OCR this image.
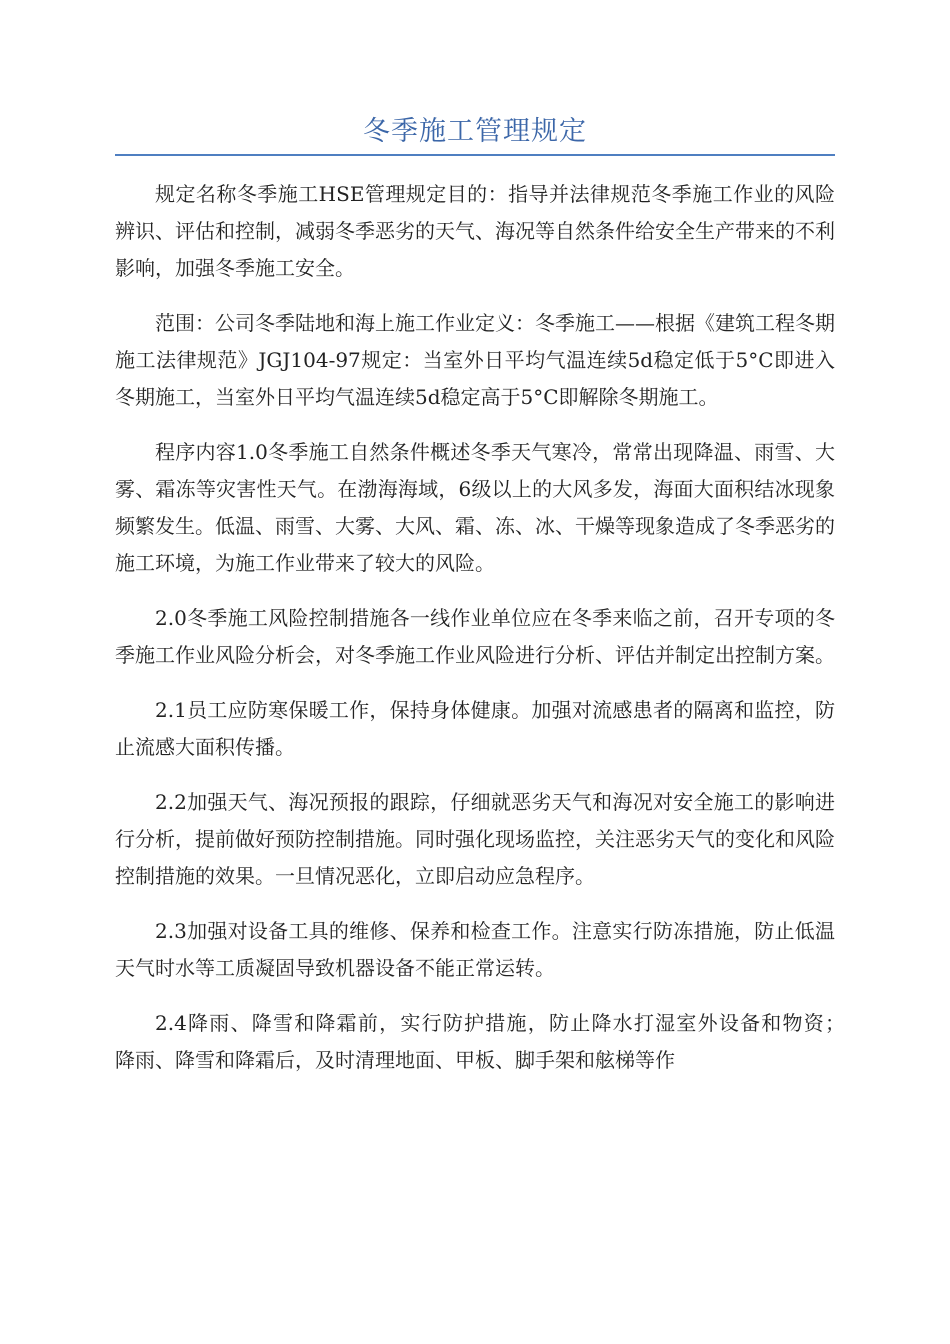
冬季施工管理规定

规定名称冬季施工HSE管理规定目的：指导并法律规范冬季施工作业的风险辨识、评估和控制，减弱冬季恶劣的天气、海况等自然条件给安全生产带来的不利影响，加强冬季施工安全。

范围：公司冬季陆地和海上施工作业定义：冬季施工——根据《建筑工程冬期施工法律规范》JGJ104-97规定：当室外日平均气温连续5d稳定低于5°C即进入冬期施工，当室外日平均气温连续5d稳定高于5°C即解除冬期施工。

程序内容1.0冬季施工自然条件概述冬季天气寒冷，常常出现降温、雨雪、大雾、霜冻等灾害性天气。在渤海海域，6级以上的大风多发，海面大面积结冰现象频繁发生。低温、雨雪、大雾、大风、霜、冻、冰、干燥等现象造成了冬季恶劣的施工环境，为施工作业带来了较大的风险。

2.0冬季施工风险控制措施各一线作业单位应在冬季来临之前，召开专项的冬季施工作业风险分析会，对冬季施工作业风险进行分析、评估并制定出控制方案。

2.1员工应防寒保暖工作，保持身体健康。加强对流感患者的隔离和监控，防止流感大面积传播。

2.2加强天气、海况预报的跟踪，仔细就恶劣天气和海况对安全施工的影响进行分析，提前做好预防控制措施。同时强化现场监控，关注恶劣天气的变化和风险控制措施的效果。一旦情况恶化，立即启动应急程序。

2.3加强对设备工具的维修、保养和检查工作。注意实行防冻措施，防止低温天气时水等工质凝固导致机器设备不能正常运转。

2.4降雨、降雪和降霜前，实行防护措施，防止降水打湿室外设备和物资；　降雨、降雪和降霜后，及时清理地面、甲板、脚手架和舷梯等作
